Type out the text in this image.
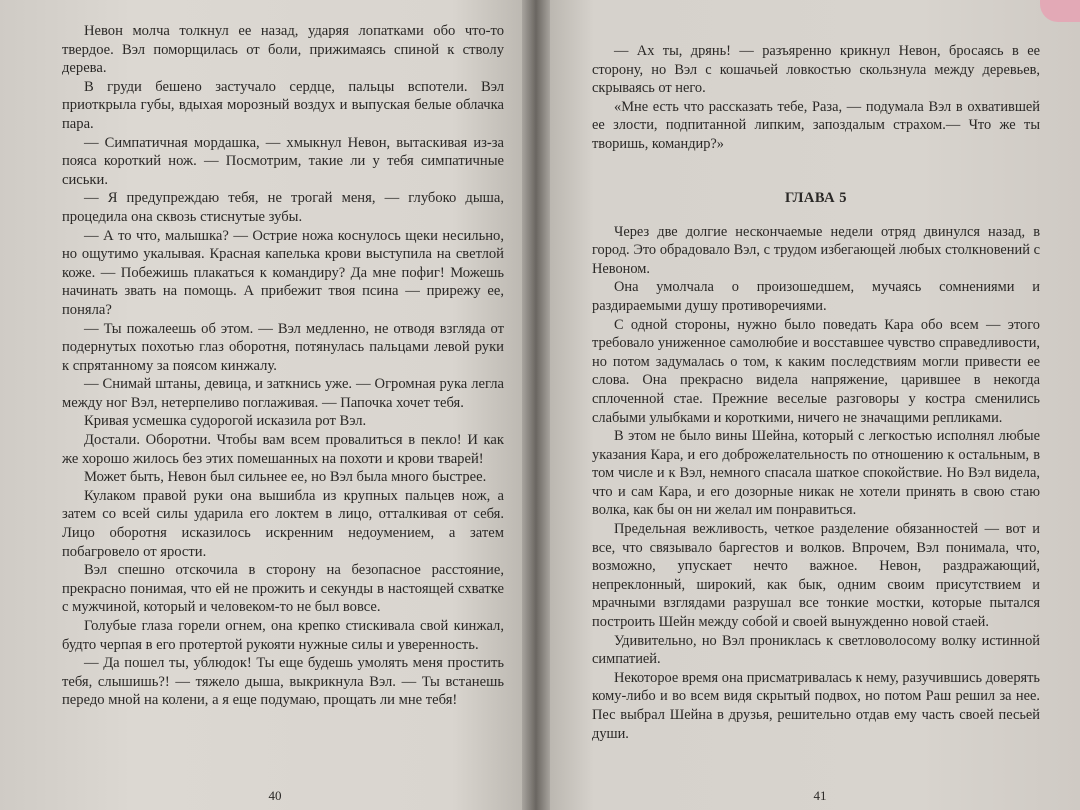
Невон молча толкнул ее назад, ударяя лопатками обо что-то твердое. Вэл поморщилась от боли, прижимаясь спиной к стволу дерева.

В груди бешено застучало сердце, пальцы вспотели. Вэл приоткрыла губы, вдыхая морозный воздух и выпуская белые облачка пара.

— Симпатичная мордашка, — хмыкнул Невон, вытаскивая из-за пояса короткий нож. — Посмотрим, такие ли у тебя симпатичные сиськи.

— Я предупреждаю тебя, не трогай меня, — глубоко дыша, процедила она сквозь стиснутые зубы.

— А то что, малышка? — Острие ножа коснулось щеки несильно, но ощутимо укалывая. Красная капелька крови выступила на светлой коже. — Побежишь плакаться к командиру? Да мне пофиг! Можешь начинать звать на помощь. А прибежит твоя псина — прирежу ее, поняла?

— Ты пожалеешь об этом. — Вэл медленно, не отводя взгляда от подернутых похотью глаз оборотня, потянулась пальцами левой руки к спрятанному за поясом кинжалу.

— Снимай штаны, девица, и заткнись уже. — Огромная рука легла между ног Вэл, нетерпеливо поглаживая. — Папочка хочет тебя.

Кривая усмешка судорогой исказила рот Вэл.

Достали. Оборотни. Чтобы вам всем провалиться в пекло! И как же хорошо жилось без этих помешанных на похоти и крови тварей!

Может быть, Невон был сильнее ее, но Вэл была много быстрее.

Кулаком правой руки она вышибла из крупных пальцев нож, а затем со всей силы ударила его локтем в лицо, отталкивая от себя. Лицо оборотня исказилось искренним недоумением, а затем побагровело от ярости.

Вэл спешно отскочила в сторону на безопасное расстояние, прекрасно понимая, что ей не прожить и секунды в настоящей схватке с мужчиной, который и человеком-то не был вовсе.

Голубые глаза горели огнем, она крепко стискивала свой кинжал, будто черпая в его протертой рукояти нужные силы и уверенность.

— Да пошел ты, ублюдок! Ты еще будешь умолять меня простить тебя, слышишь?! — тяжело дыша, выкрикнула Вэл. — Ты встанешь передо мной на колени, а я еще подумаю, прощать ли мне тебя!

40

— Ах ты, дрянь! — разъяренно крикнул Невон, бросаясь в ее сторону, но Вэл с кошачьей ловкостью скользнула между деревьев, скрываясь от него.

«Мне есть что рассказать тебе, Раза, — подумала Вэл в охватившей ее злости, подпитанной липким, запоздалым страхом.— Что же ты творишь, командир?»

ГЛАВА 5

Через две долгие нескончаемые недели отряд двинулся назад, в город. Это обрадовало Вэл, с трудом избегающей любых столкновений с Невоном.

Она умолчала о произошедшем, мучаясь сомнениями и раздираемыми душу противоречиями.

С одной стороны, нужно было поведать Кара обо всем — этого требовало униженное самолюбие и восставшее чувство справедливости, но потом задумалась о том, к каким последствиям могли привести ее слова. Она прекрасно видела напряжение, царившее в некогда сплоченной стае. Прежние веселые разговоры у костра сменились слабыми улыбками и короткими, ничего не значащими репликами.

В этом не было вины Шейна, который с легкостью исполнял любые указания Кара, и его доброжелательность по отношению к остальным, в том числе и к Вэл, немного спасала шаткое спокойствие. Но Вэл видела, что и сам Кара, и его дозорные никак не хотели принять в свою стаю волка, как бы он ни желал им понравиться.

Предельная вежливость, четкое разделение обязанностей — вот и все, что связывало баргестов и волков. Впрочем, Вэл понимала, что, возможно, упускает нечто важное. Невон, раздражающий, непреклонный, широкий, как бык, одним своим присутствием и мрачными взглядами разрушал все тонкие мостки, которые пытался построить Шейн между собой и своей вынужденно новой стаей.

Удивительно, но Вэл прониклась к светловолосому волку истинной симпатией.

Некоторое время она присматривалась к нему, разучившись доверять кому-либо и во всем видя скрытый подвох, но потом Раш решил за нее. Пес выбрал Шейна в друзья, решительно отдав ему часть своей песьей души.

41
